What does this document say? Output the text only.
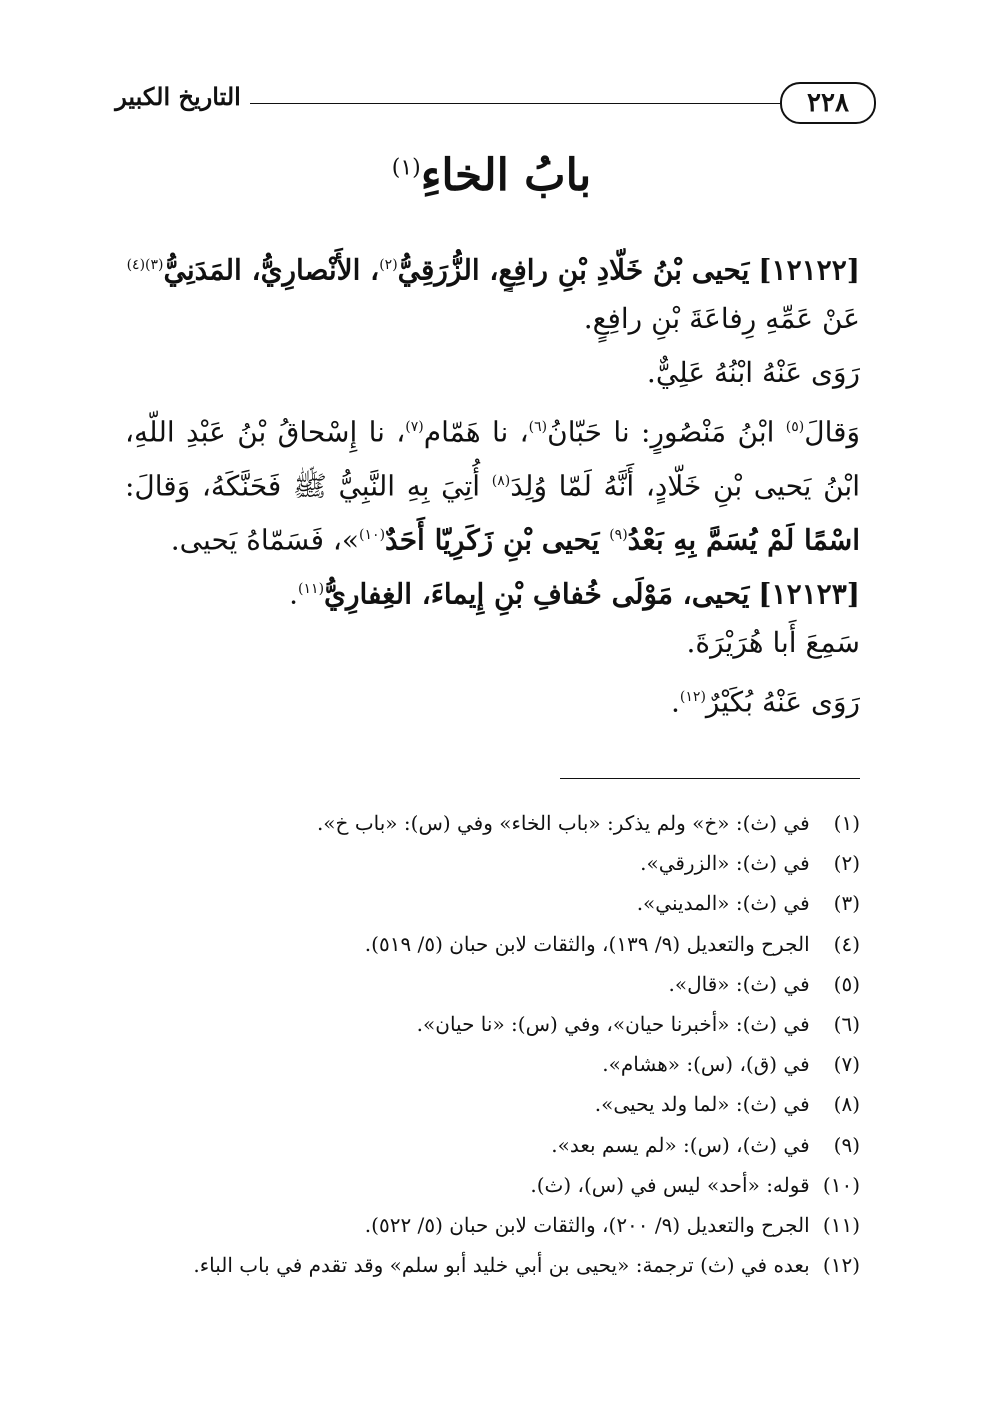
التاريخ الكبير	٢٢٨
بابُ الخاءِ$^{(١)}$
[١٢١٢٢] يَحيى بْنُ خَلّادِ بْنِ رافِعٍ، الزُّرَقِيُّ$^{(٢)}$، الأَنْصارِيُّ، المَدَنِيُّ$^{(٣)(٤)}$
عَنْ عَمِّهِ رِفاعَةَ بْنِ رافِعٍ.
رَوَى عَنْهُ ابْنُهُ عَلِيٌّ.
وَقالَ$^{(٥)}$ ابْنُ مَنْصُورٍ: نا حَبّانُ$^{(٦)}$، نا هَمّام$^{(٧)}$، نا إِسْحاقُ بْنُ عَبْدِ اللّهِ،
ابْنُ يَحيى بْنِ خَلّادٍ، أَنَّهُ لَمّا وُلِدَ$^{(٨)}$ أُتِيَ بِهِ النَّبِيُّ ﷺ فَحَنَّكَهُ، وَقالَ:
اسْمًا لَمْ يُسَمَّ بِهِ بَعْدُ$^{(٩)}$ يَحيى بْنِ زَكَرِيّا أَحَدٌ$^{(١٠)}$»، فَسَمّاهُ يَحيى.
[١٢١٢٣] يَحيى، مَوْلَى خُفافِ بْنِ إِيماءَ، الغِفارِيُّ$^{(١١)}$.
سَمِعَ أَبا هُرَيْرَةَ.
رَوَى عَنْهُ بُكَيْرٌ$^{(١٢)}$.
(١) في (ث): «خ» ولم يذكر: «باب الخاء» وفي (س): «باب خ».
(٢) في (ث): «الزرقي».
(٣) في (ث): «المديني».
(٤) الجرح والتعديل (٩/ ١٣٩)، والثقات لابن حبان (٥/ ٥١٩).
(٥) في (ث): «قال».
(٦) في (ث): «أخبرنا حيان»، وفي (س): «نا حيان».
(٧) في (ق)، (س): «هشام».
(٨) في (ث): «لما ولد يحيى».
(٩) في (ث)، (س): «لم يسم بعد».
(١٠) قوله: «أحد» ليس في (س)، (ث).
(١١) الجرح والتعديل (٩/ ٢٠٠)، والثقات لابن حبان (٥/ ٥٢٢).
(١٢) بعده في (ث) ترجمة: «يحيى بن أبي خليد أبو سلم» وقد تقدم في باب الباء.
